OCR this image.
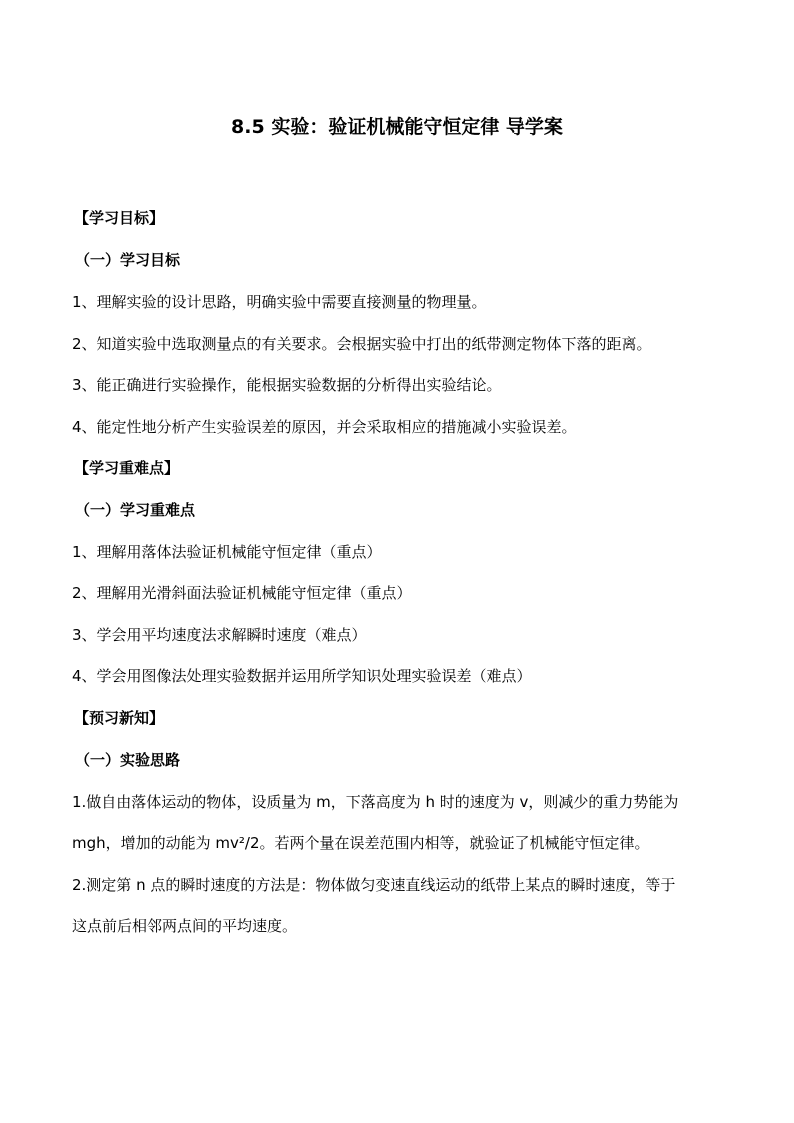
8.5 实验：验证机械能守恒定律 导学案
【学习目标】
（一）学习目标
1、理解实验的设计思路，明确实验中需要直接测量的物理量。
2、知道实验中选取测量点的有关要求。会根据实验中打出的纸带测定物体下落的距离。
3、能正确进行实验操作，能根据实验数据的分析得出实验结论。
4、能定性地分析产生实验误差的原因，并会采取相应的措施减小实验误差。
【学习重难点】
（一）学习重难点
1、理解用落体法验证机械能守恒定律（重点）
2、理解用光滑斜面法验证机械能守恒定律（重点）
3、学会用平均速度法求解瞬时速度（难点）
4、学会用图像法处理实验数据并运用所学知识处理实验误差（难点）
【预习新知】
（一）实验思路
1.做自由落体运动的物体，设质量为 m，下落高度为 h 时的速度为 v，则减少的重力势能为
mgh，增加的动能为 mv²/2。若两个量在误差范围内相等，就验证了机械能守恒定律。
2.测定第 n 点的瞬时速度的方法是：物体做匀变速直线运动的纸带上某点的瞬时速度，等于
这点前后相邻两点间的平均速度。
